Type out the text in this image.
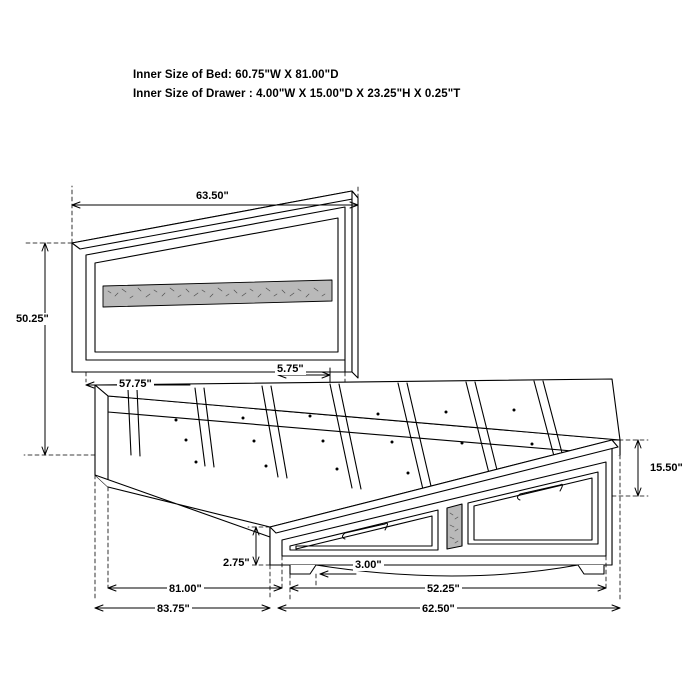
Inner Size of Bed: 60.75"W X 81.00"D
Inner Size of Drawer : 4.00"W X 15.00"D X 23.25"H X 0.25"T
63.50"
50.25"
57.75"
5.75"
15.50"
2.75"	3.00"
81.00"	52.25"
83.75"	62.50"
